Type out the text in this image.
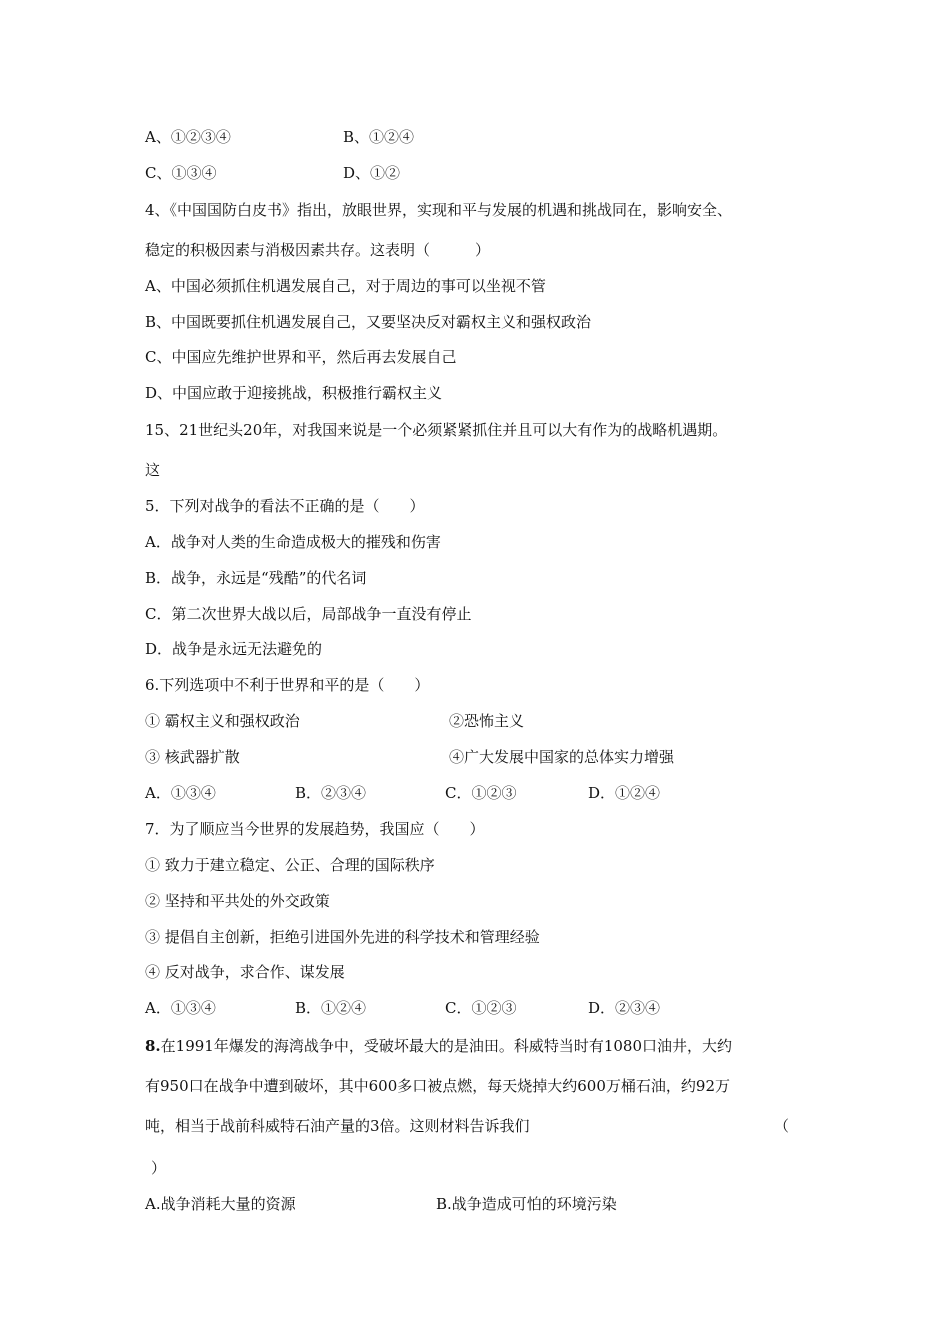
A、①②③④	B、①②④
C、①③④	D、①②
4、《中国国防白皮书》指出，放眼世界，实现和平与发展的机遇和挑战同在，影响安全、
稳定的积极因素与消极因素共存。这表明（　　　）
A、中国必须抓住机遇发展自己，对于周边的事可以坐视不管
B、中国既要抓住机遇发展自己，又要坚决反对霸权主义和强权政治
C、中国应先维护世界和平，然后再去发展自己
D、中国应敢于迎接挑战，积极推行霸权主义
15、21世纪头20年，对我国来说是一个必须紧紧抓住并且可以大有作为的战略机遇期。
这
5．下列对战争的看法不正确的是（　　）
A．战争对人类的生命造成极大的摧残和伤害
B．战争，永远是“残酷”的代名词
C．第二次世界大战以后，局部战争一直没有停止
D．战争是永远无法避免的
6.下列选项中不利于世界和平的是（　　）
① 霸权主义和强权政治	②恐怖主义
③ 核武器扩散	④广大发展中国家的总体实力增强
A．①③④	B．②③④	C．①②③	D．①②④
7．为了顺应当今世界的发展趋势，我国应（　　）
① 致力于建立稳定、公正、合理的国际秩序
② 坚持和平共处的外交政策
③ 提倡自主创新，拒绝引进国外先进的科学技术和管理经验
④ 反对战争，求合作、谋发展
A．①③④	B．①②④	C．①②③	D．②③④
8.在1991年爆发的海湾战争中，受破坏最大的是油田。科威特当时有1080口油井，大约
有950口在战争中遭到破坏，其中600多口被点燃，每天烧掉大约600万桶石油，约92万
吨，相当于战前科威特石油产量的3倍。这则材料告诉我们	（
）
A.战争消耗大量的资源	B.战争造成可怕的环境污染
